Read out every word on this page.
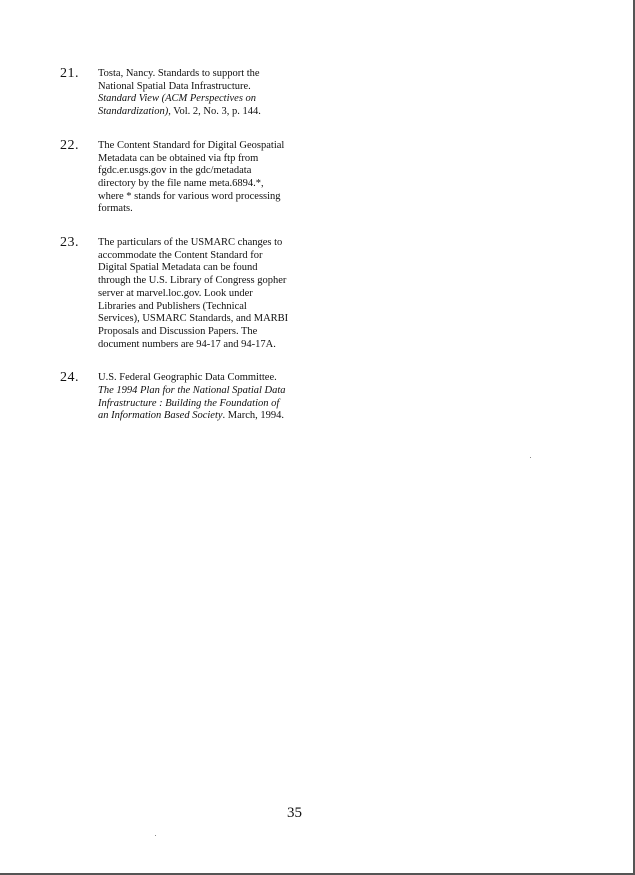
21. Tosta, Nancy. Standards to support the
National Spatial Data Infrastructure.
Standard View (ACM Perspectives on
Standardization), Vol. 2, No. 3, p. 144.

22. The Content Standard for Digital Geospatial
Metadata can be obtained via ftp from
fgdc.er.usgs.gov in the gdc/metadata
directory by the file name meta.6894.*,
where * stands for various word processing
formats.

23. The particulars of the USMARC changes to
accommodate the Content Standard for
Digital Spatial Metadata can be found
through the U.S. Library of Congress gopher
server at marvel.loc.gov. Look under
Libraries and Publishers (Technical
Services), USMARC Standards, and MARBI
Proposals and Discussion Papers. The
document numbers are 94-17 and 94-17A.

24. U.S. Federal Geographic Data Committee.
The 1994 Plan for the National Spatial Data
Infrastructure : Building the Foundation of
an Information Based Society. March, 1994.

35
